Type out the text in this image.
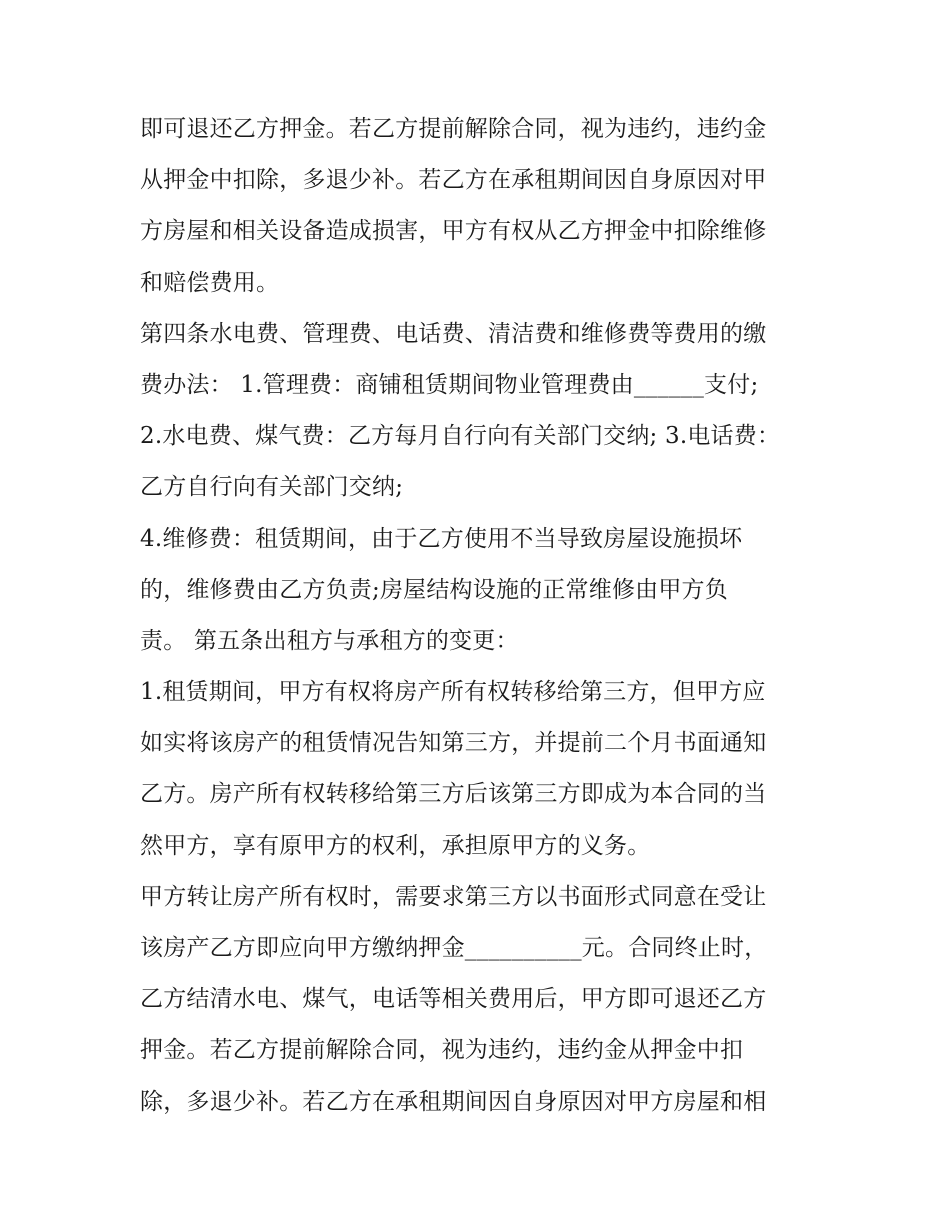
即可退还乙方押金。若乙方提前解除合同，视为违约，违约金
从押金中扣除，多退少补。若乙方在承租期间因自身原因对甲
方房屋和相关设备造成损害，甲方有权从乙方押金中扣除维修
和赔偿费用。
第四条水电费、管理费、电话费、清洁费和维修费等费用的缴
费办法： 1.管理费：商铺租赁期间物业管理费由______支付;
2.水电费、煤气费：乙方每月自行向有关部门交纳; 3.电话费：
乙方自行向有关部门交纳;
4.维修费：租赁期间，由于乙方使用不当导致房屋设施损坏
的，维修费由乙方负责;房屋结构设施的正常维修由甲方负
责。 第五条出租方与承租方的变更：
1.租赁期间，甲方有权将房产所有权转移给第三方，但甲方应
如实将该房产的租赁情况告知第三方，并提前二个月书面通知
乙方。房产所有权转移给第三方后该第三方即成为本合同的当
然甲方，享有原甲方的权利，承担原甲方的义务。
甲方转让房产所有权时，需要求第三方以书面形式同意在受让
该房产乙方即应向甲方缴纳押金__________元。合同终止时，
乙方结清水电、煤气，电话等相关费用后，甲方即可退还乙方
押金。若乙方提前解除合同，视为违约，违约金从押金中扣
除，多退少补。若乙方在承租期间因自身原因对甲方房屋和相
